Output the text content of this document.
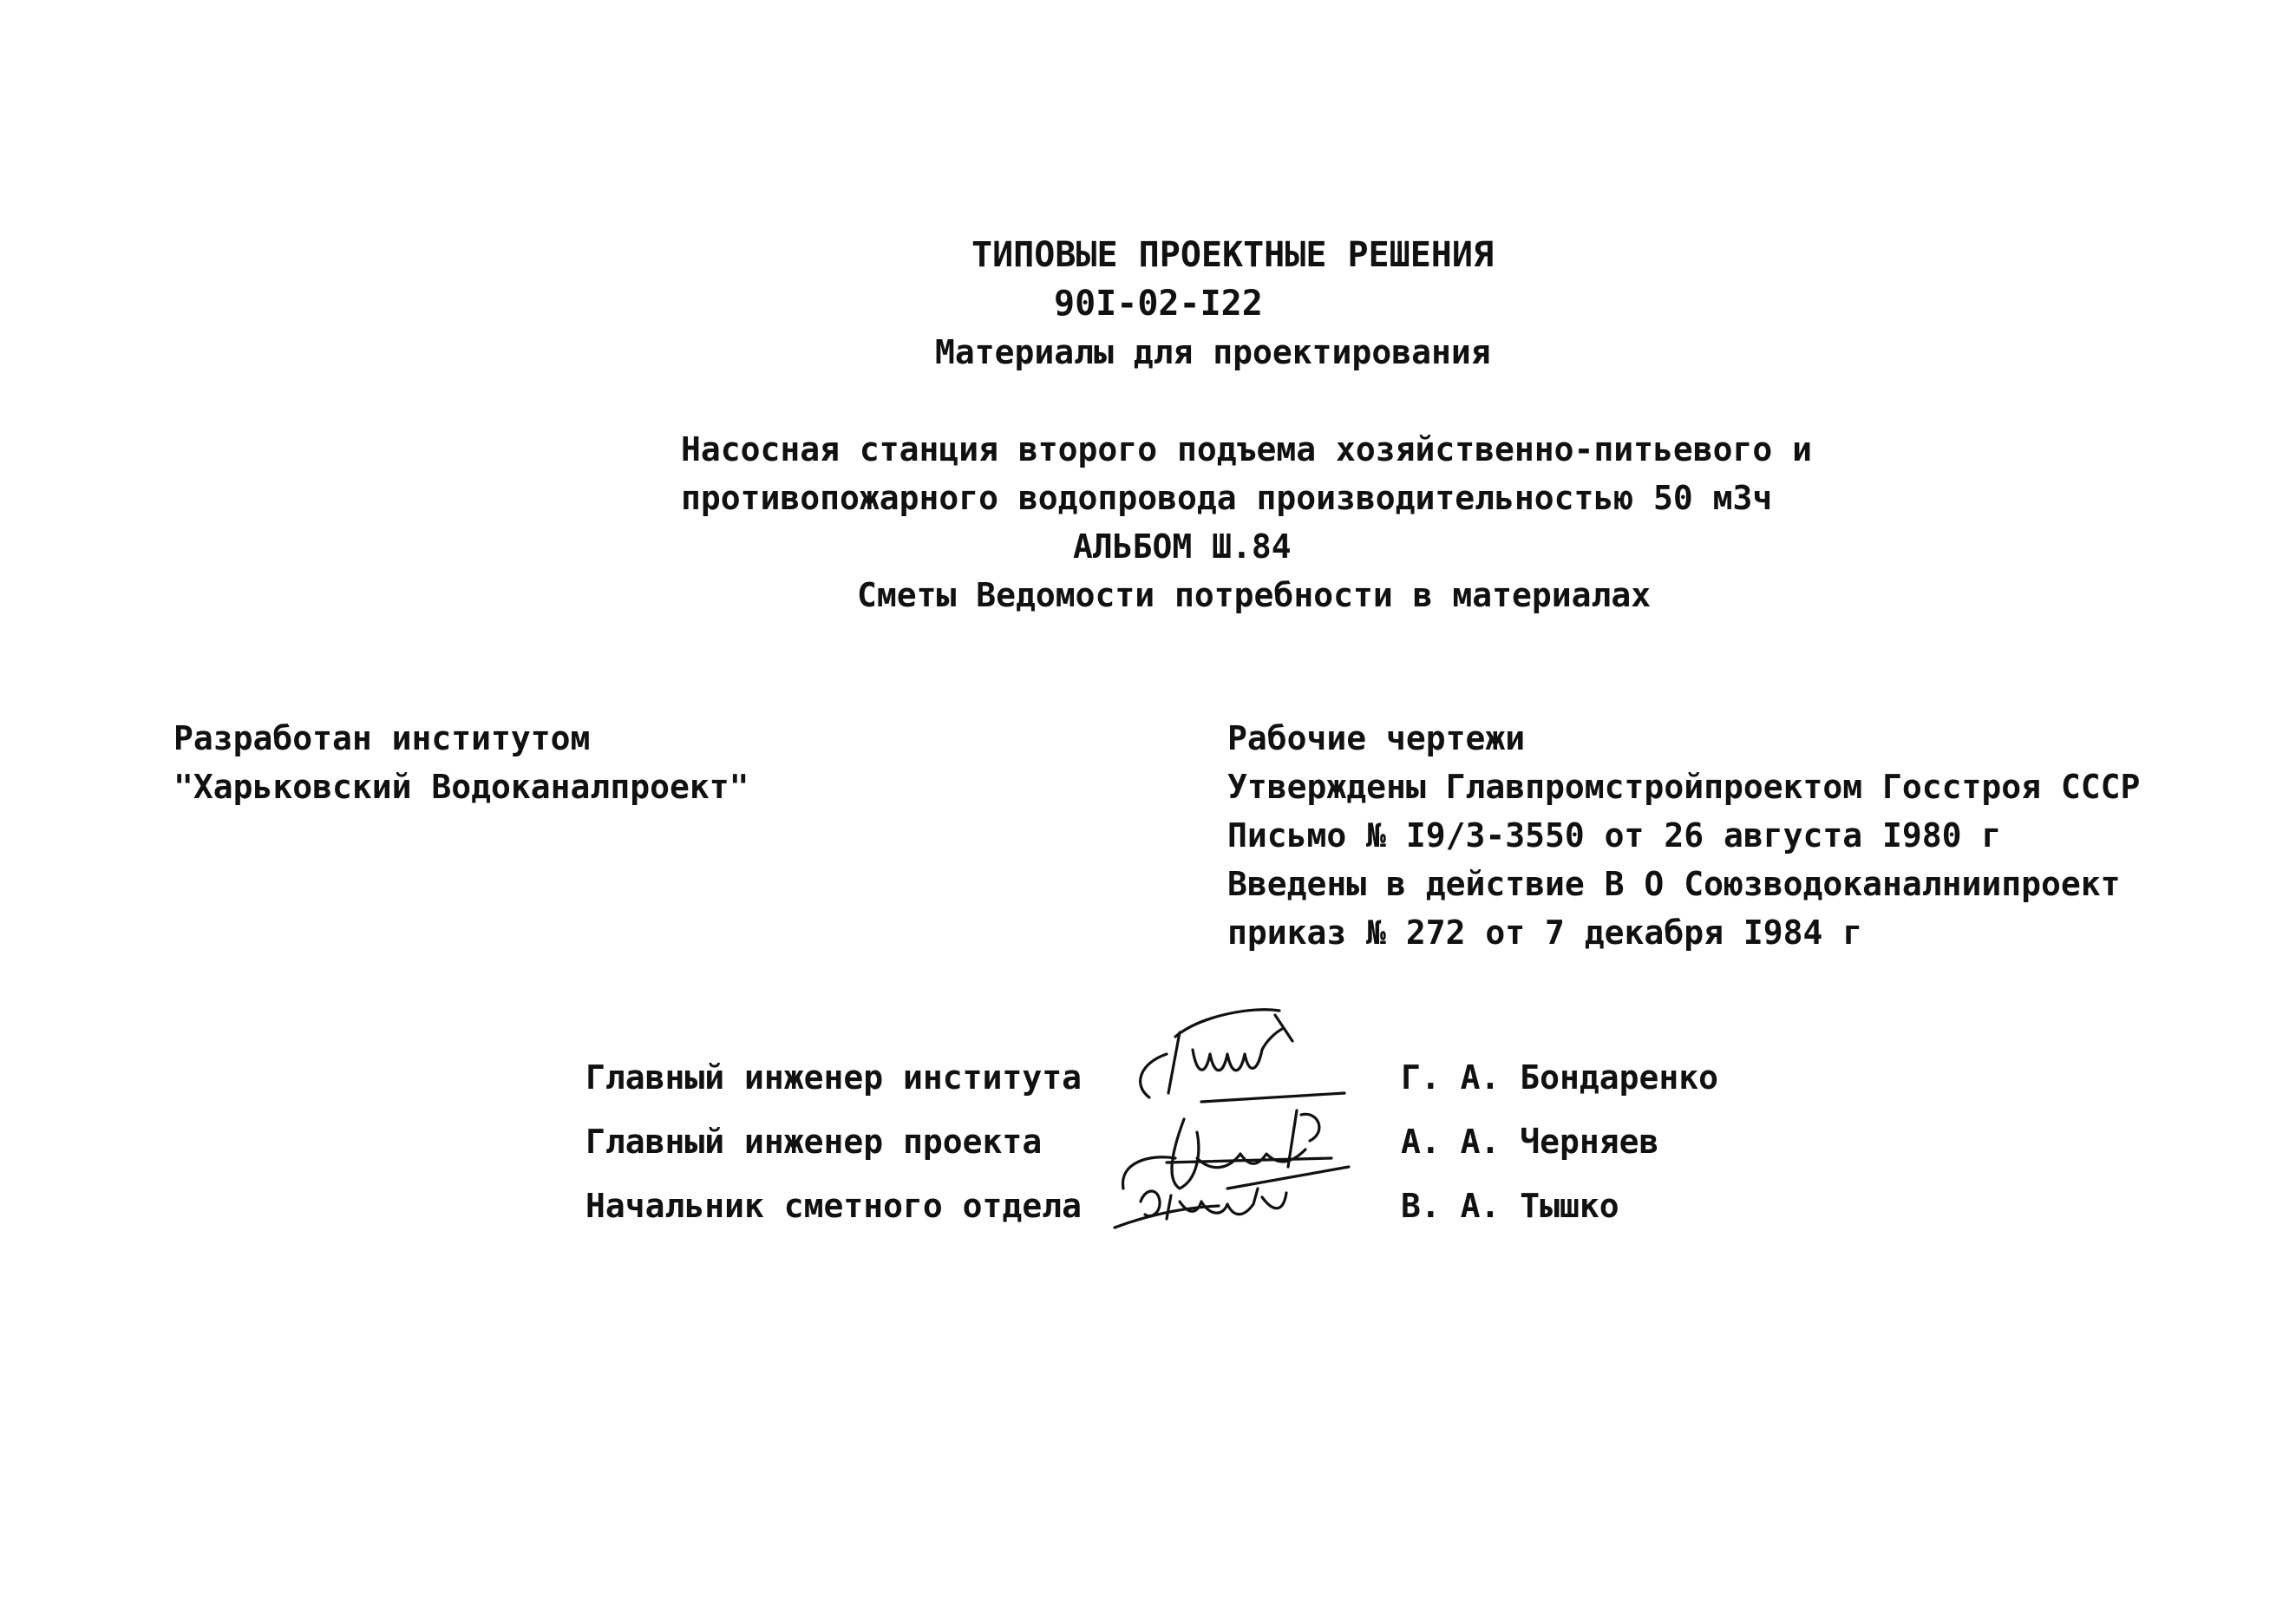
ТИПОВЫЕ ПРОЕКТНЫЕ РЕШЕНИЯ
90I-02-I22
Материалы для проектирования
Насосная станция второго подъема хозяйственно-питьевого и
противопожарного водопровода производительностью 50 м3ч
АЛЬБОМ Ш.84
Сметы Ведомости потребности в материалах
Разработан институтом
"Харьковский Водоканалпроект"
Рабочие чертежи
Утверждены Главпромстройпроектом Госстроя СССР
Письмо № I9/3-3550 от 26 августа I980 г
Введены в действие В О Союзводоканалниипроект
приказ № 272 от 7 декабря I984 г
Главный инженер института
Главный инженер проекта
Начальник сметного отдела
Г. А. Бондаренко
А. А. Черняев
В. А. Тышко
